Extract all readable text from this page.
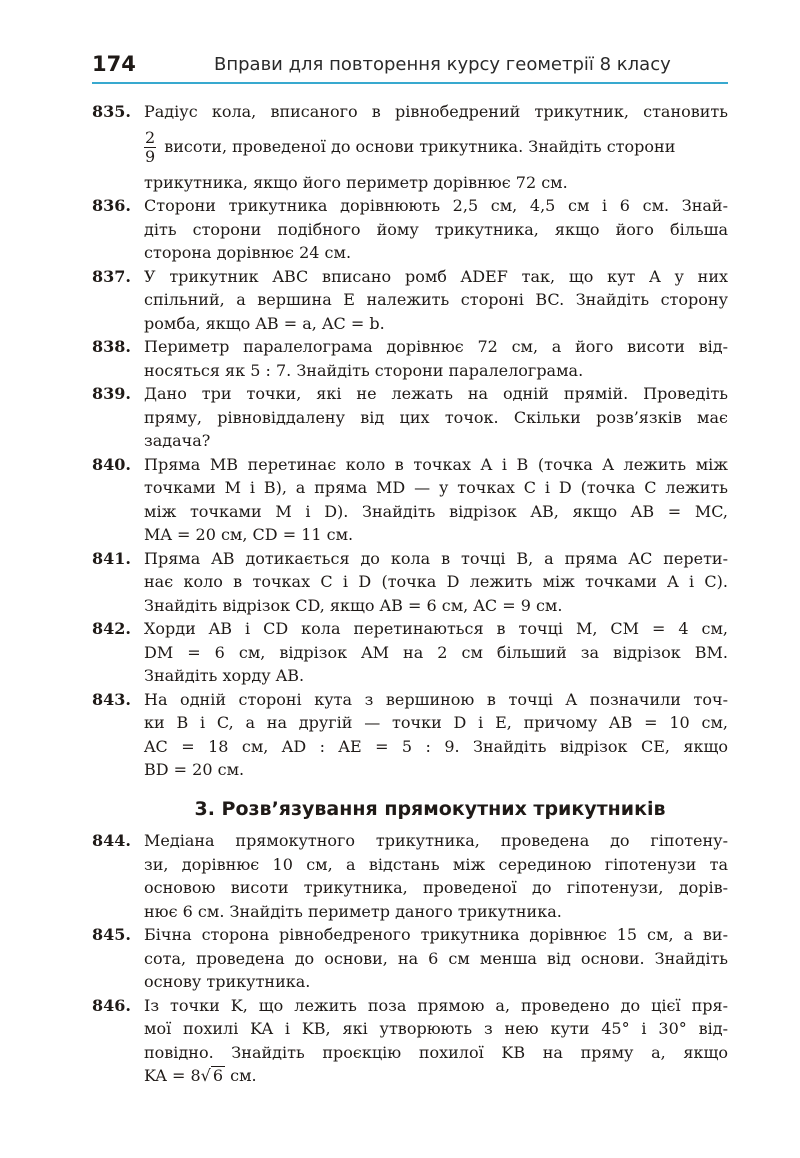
174	Вправи для повторення курсу геометрії 8 класу
835. Радіус кола, вписаного в рівнобедрений трикутник, становить
$\frac{2}{9}$ висоти, проведеної до основи трикутника. Знайдіть сторони
трикутника, якщо його периметр дорівнює 72 см.
836. Сторони трикутника дорівнюють 2,5 см, 4,5 см і 6 см. Знай-
діть сторони подібного йому трикутника, якщо його більша
сторона дорівнює 24 см.
837. У трикутник ABC вписано ромб ADEF так, що кут A у них
спільний, а вершина E належить стороні BC. Знайдіть сторону
ромба, якщо AB = a, AC = b.
838. Периметр паралелограма дорівнює 72 см, а його висоти від-
носяться як 5 : 7. Знайдіть сторони паралелограма.
839. Дано три точки, які не лежать на одній прямій. Проведіть
пряму, рівновіддалену від цих точок. Скільки розв’язків має
задача?
840. Пряма MB перетинає коло в точках A і B (точка A лежить між
точками M і B), а пряма MD — у точках C і D (точка C лежить
між точками M і D). Знайдіть відрізок AB, якщо AB = MC,
MA = 20 см, CD = 11 см.
841. Пряма AB дотикається до кола в точці B, а пряма AC перети-
нає коло в точках C і D (точка D лежить між точками A і C).
Знайдіть відрізок CD, якщо AB = 6 см, AC = 9 см.
842. Хорди AB і CD кола перетинаються в точці M, CM = 4 см,
DM = 6 см, відрізок AM на 2 см більший за відрізок BM.
Знайдіть хорду AB.
843. На одній стороні кута з вершиною в точці A позначили точ-
ки B і C, а на другій — точки D і E, причому AB = 10 см,
AC = 18 см, AD : AE = 5 : 9. Знайдіть відрізок CE, якщо
BD = 20 см.
3. Розв’язування прямокутних трикутників
844. Медіана прямокутного трикутника, проведена до гіпотену-
зи, дорівнює 10 см, а відстань між серединою гіпотенузи та
основою висоти трикутника, проведеної до гіпотенузи, дорів-
нює 6 см. Знайдіть периметр даного трикутника.
845. Бічна сторона рівнобедреного трикутника дорівнює 15 см, а ви-
сота, проведена до основи, на 6 см менша від основи. Знайдіть
основу трикутника.
846. Із точки K, що лежить поза прямою a, проведено до цієї пря-
мої похилі KA і KB, які утворюють з нею кути 45° і 30° від-
повідно. Знайдіть проєкцію похилої KB на пряму a, якщо
KA = 8√ 6 см.
